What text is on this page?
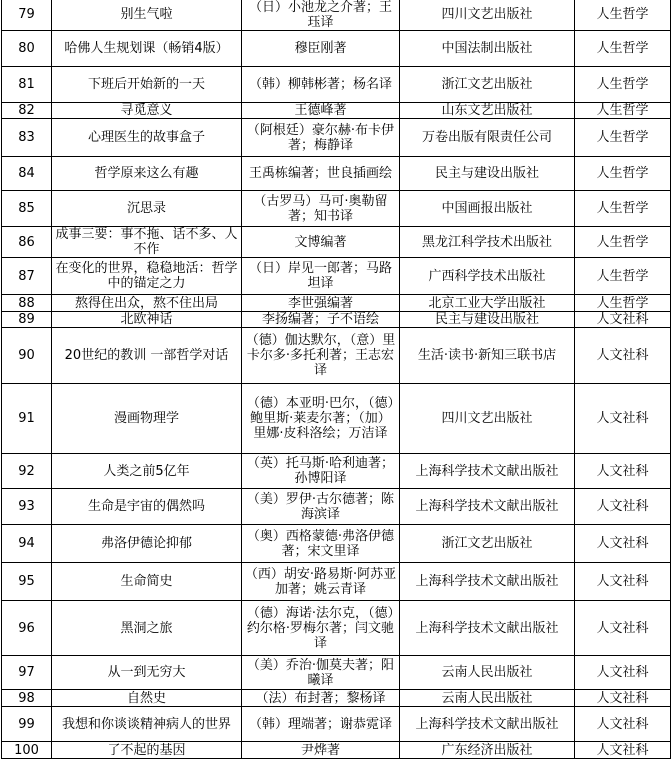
79	别生气啦	（日）小池龙之介著；王珏译	四川文艺出版社	人生哲学
80	哈佛人生规划课（畅销4版）	穆臣刚著	中国法制出版社	人生哲学
81	下班后开始新的一天	（韩）柳韩彬著；杨名译	浙江文艺出版社	人生哲学
82	寻觅意义	王德峰著	山东文艺出版社	人生哲学
83	心理医生的故事盒子	（阿根廷）豪尔赫·布卡伊著；梅静译	万卷出版有限责任公司	人生哲学
84	哲学原来这么有趣	王禹栋编著；世良插画绘	民主与建设出版社	人生哲学
85	沉思录	（古罗马）马可·奥勒留著；知书译	中国画报出版社	人生哲学
86	成事三要：事不拖、话不多、人不作	文博编著	黑龙江科学技术出版社	人生哲学
87	在变化的世界，稳稳地活：哲学中的锚定之力	（日）岸见一郎著；马路坦译	广西科学技术出版社	人生哲学
88	熬得住出众，熬不住出局	李世强编著	北京工业大学出版社	人生哲学
89	北欧神话	李扬编著；子不语绘	民主与建设出版社	人文社科
90	20世纪的教训 一部哲学对话	（德）伽达默尔，（意）里卡尔多·多托利著；王志宏译	生活·读书·新知三联书店	人文社科
91	漫画物理学	（德）本亚明·巴尔，（德）鲍里斯·莱麦尔著；（加）里娜·皮科洛绘；万洁译	四川文艺出版社	人文社科
92	人类之前5亿年	（英）托马斯·哈利迪著；孙博阳译	上海科学技术文献出版社	人文社科
93	生命是宇宙的偶然吗	（美）罗伊·古尔德著；陈海滨译	上海科学技术文献出版社	人文社科
94	弗洛伊德论抑郁	（奥）西格蒙德·弗洛伊德著；宋文里译	浙江文艺出版社	人文社科
95	生命简史	（西）胡安·路易斯·阿苏亚加著；姚云青译	上海科学技术文献出版社	人文社科
96	黑洞之旅	（德）海诺·法尔克，（德）约尔格·罗梅尔著；闫文驰译	上海科学技术文献出版社	人文社科
97	从一到无穷大	（美）乔治·伽莫夫著；阳曦译	云南人民出版社	人文社科
98	自然史	（法）布封著；黎杨译	云南人民出版社	人文社科
99	我想和你谈谈精神病人的世界	（韩）理端著；谢恭霓译	上海科学技术文献出版社	人文社科
100	了不起的基因	尹烨著	广东经济出版社	人文社科
